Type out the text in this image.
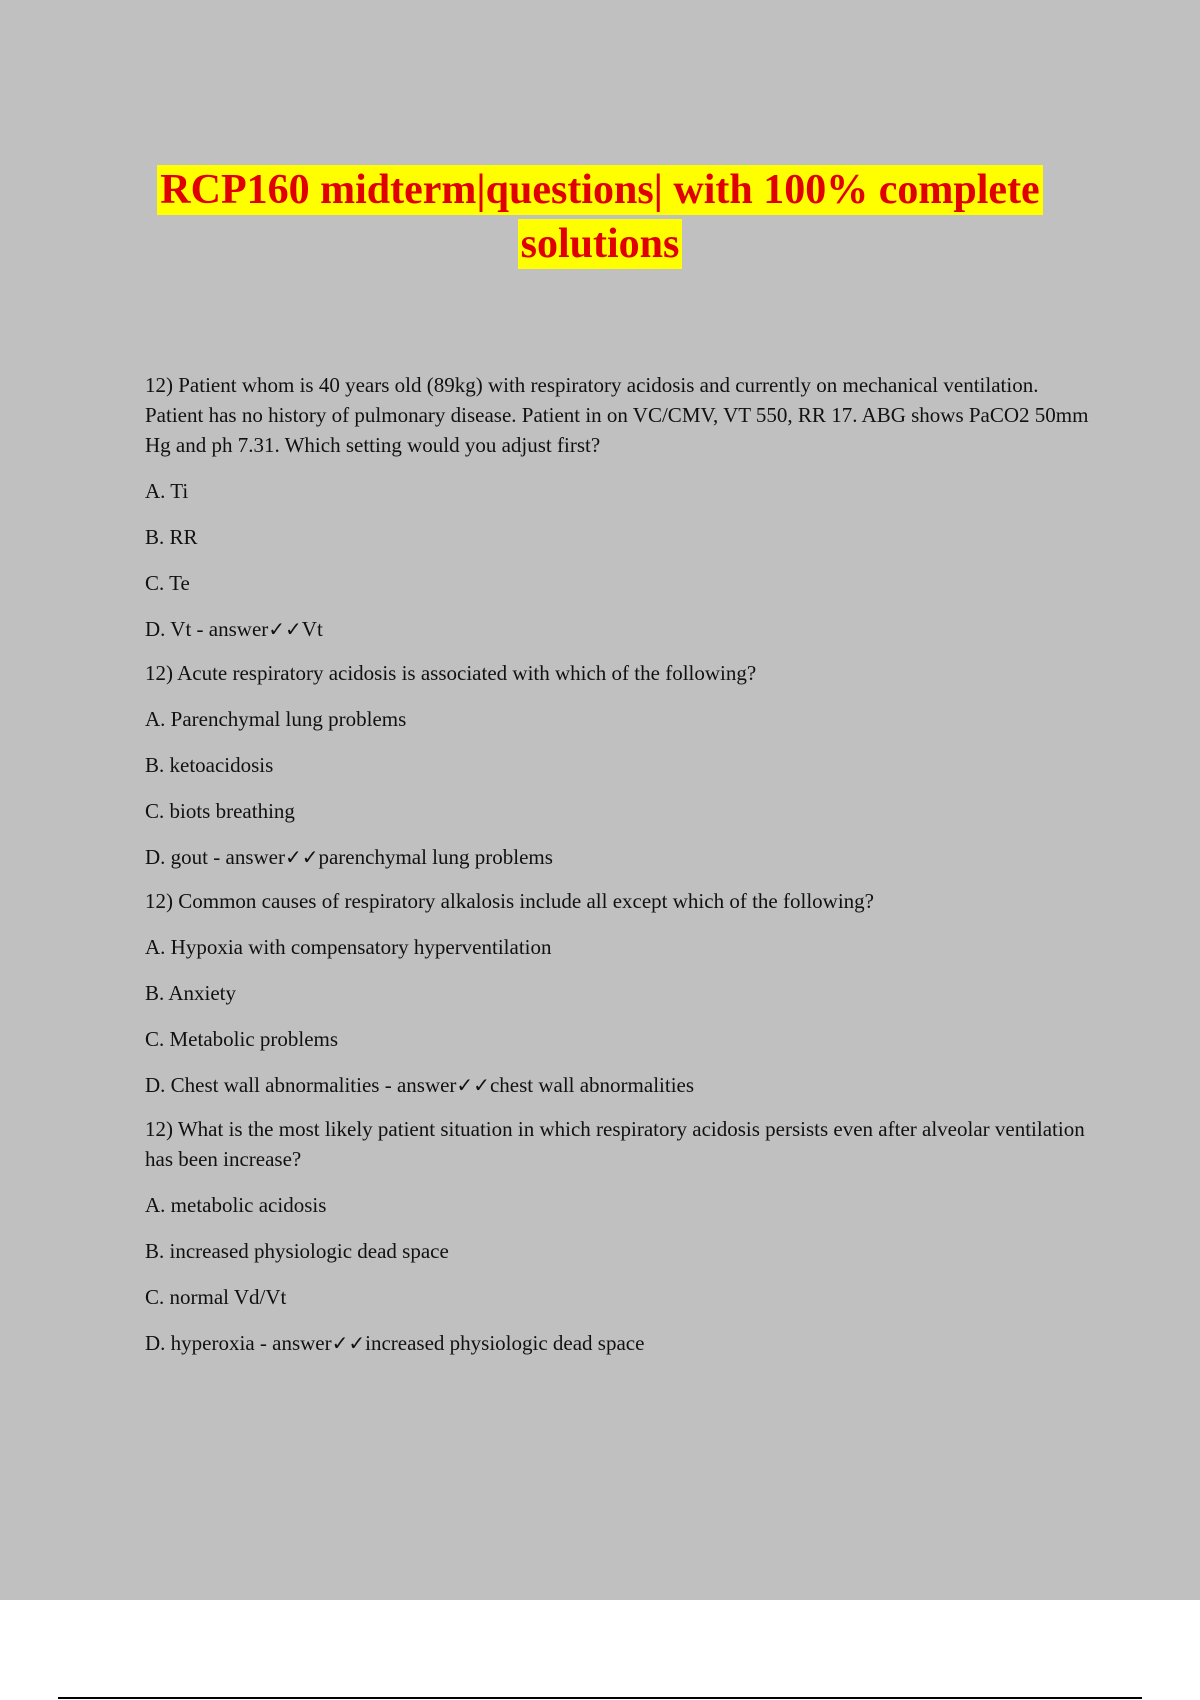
RCP160 midterm|questions| with 100% complete
solutions
12) Patient whom is 40 years old (89kg) with respiratory acidosis and currently on mechanical ventilation. Patient has no history of pulmonary disease. Patient in on VC/CMV, VT 550, RR 17. ABG shows PaCO2 50mm Hg and ph 7.31. Which setting would you adjust first?
A. Ti
B. RR
C. Te
D. Vt - answer✓✓Vt
12) Acute respiratory acidosis is associated with which of the following?
A. Parenchymal lung problems
B. ketoacidosis
C. biots breathing
D. gout - answer✓✓parenchymal lung problems
12) Common causes of respiratory alkalosis include all except which of the following?
A. Hypoxia with compensatory hyperventilation
B. Anxiety
C. Metabolic problems
D. Chest wall abnormalities - answer✓✓chest wall abnormalities
12) What is the most likely patient situation in which respiratory acidosis persists even after alveolar ventilation has been increase?
A. metabolic acidosis
B. increased physiologic dead space
C. normal Vd/Vt
D. hyperoxia - answer✓✓increased physiologic dead space
